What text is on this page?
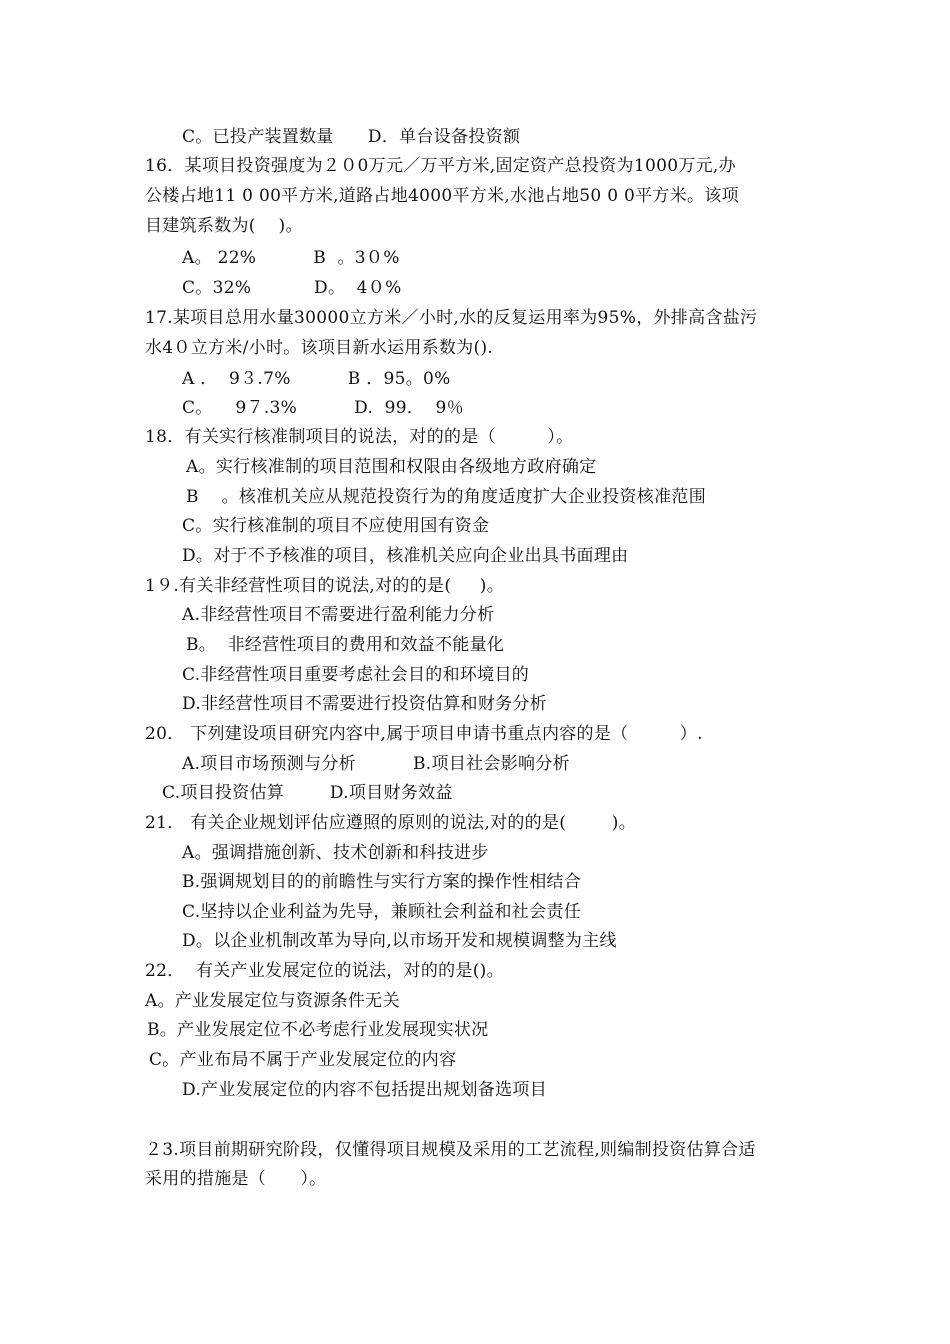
C。已投产装置数量      D．单台设备投资额
16．某项目投资强度为２０0万元／万平方米,固定资产总投资为1000万元,办
公楼占地11 0 00平方米,道路占地4000平方米,水池占地50 0 0平方米。该项
目建筑系数为(    )。
A。 22%          B  。3０%
C。32%           D。  4０%
17.某项目总用水量30000立方米／小时,水的反复运用率为95%，外排高含盐污
水4０立方米/小时。该项目新水运用系数为().
A ．  9３.7%          B ．95。0%
C。    9７.3%          D.  99．  9％
18．有关实行核准制项目的说法，对的的是（         ）。
A。实行核准制的项目范围和权限由各级地方政府确定
B    。核准机关应从规范投资行为的角度适度扩大企业投资核准范围
C。实行核准制的项目不应使用国有资金
D。对于不予核准的项目，核准机关应向企业出具书面理由
1９.有关非经营性项目的说法,对的的是(     )。
A.非经营性项目不需要进行盈利能力分析
B。  非经营性项目的费用和效益不能量化
C.非经营性项目重要考虑社会目的和环境目的
D.非经营性项目不需要进行投资估算和财务分析
20． 下列建设项目研究内容中,属于项目申请书重点内容的是（         ）.
A.项目市场预测与分析          B.项目社会影响分析
C.项目投资估算        D.项目财务效益
21． 有关企业规划评估应遵照的原则的说法,对的的是(        )。
A。强调措施创新、技术创新和科技进步
B.强调规划目的的前瞻性与实行方案的操作性相结合
C.坚持以企业利益为先导，兼顾社会利益和社会责任
D。以企业机制改革为导向,以市场开发和规模调整为主线
22．  有关产业发展定位的说法，对的的是()。
A。产业发展定位与资源条件无关
B。产业发展定位不必考虑行业发展现实状况
C。产业布局不属于产业发展定位的内容
D.产业发展定位的内容不包括提出规划备选项目
２3.项目前期研究阶段，仅懂得项目规模及采用的工艺流程,则编制投资估算合适
采用的措施是（      ）。
